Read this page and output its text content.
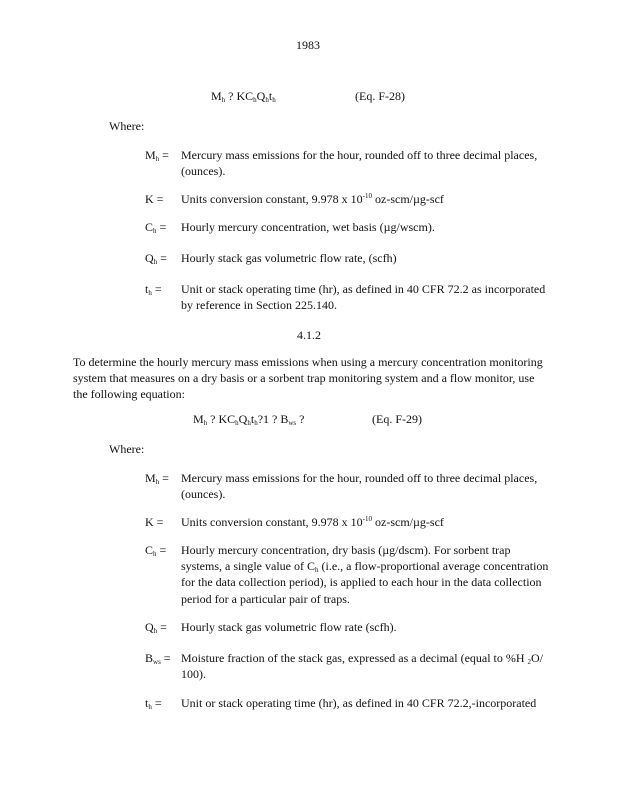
1983
$M_h$ ? $KC_hQ_ht_h$	(Eq. F-28)
Where:
$M_h$ = Mercury mass emissions for the hour, rounded off to three decimal places, (ounces).
K = Units conversion constant, 9.978 x $10^{-10}$ oz-scm/µg-scf
$C_h$ = Hourly mercury concentration, wet basis (µg/wscm).
$Q_h$ = Hourly stack gas volumetric flow rate, (scfh)
$t_h$ = Unit or stack operating time (hr), as defined in 40 CFR 72.2 as incorporated by reference in Section 225.140.
4.1.2
To determine the hourly mercury mass emissions when using a mercury concentration monitoring system that measures on a dry basis or a sorbent trap monitoring system and a flow monitor, use the following equation:
$M_h$ ? $KC_hQ_ht_h?1$ ? $B_{ws}$ ?	(Eq. F-29)
Where:
$M_h$ = Mercury mass emissions for the hour, rounded off to three decimal places, (ounces).
K = Units conversion constant, 9.978 x $10^{-10}$ oz-scm/µg-scf
$C_h$ = Hourly mercury concentration, dry basis (µg/dscm). For sorbent trap systems, a single value of $C_h$ (i.e., a flow-proportional average concentration for the data collection period), is applied to each hour in the data collection period for a particular pair of traps.
$Q_h$ = Hourly stack gas volumetric flow rate (scfh).
$B_{ws}$ = Moisture fraction of the stack gas, expressed as a decimal (equal to %H $_2$O/ 100).
$t_h$ = Unit or stack operating time (hr), as defined in 40 CFR 72.2,-incorporated
